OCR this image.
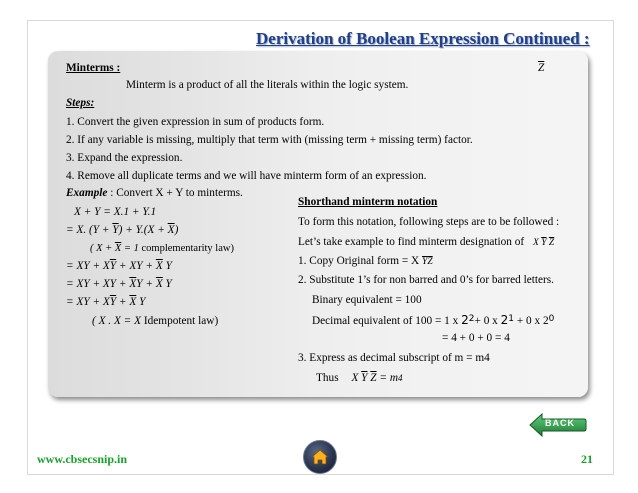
Derivation of Boolean Expression Continued :
Minterms :	$\overline{Z}$
Minterm is a product of all the literals within the logic system.
Steps:
1. Convert the given expression in sum of products form.
2. If any variable is missing, multiply that term with (missing term + missing term) factor.
3. Expand the expression.
4. Remove all duplicate terms and we will have minterm form of an expression.
Example : Convert X + Y to minterms.
X + Y = X.1 + Y.1
= X. $(Y + \overline{Y}) + Y.(X + \overline{X})$
( $X + \overline{X} = 1$ complementarity law)
= XY + $X\overline{Y}$ + XY + $\overline{X}$ Y
= XY + XY + $\overline{X}Y + \overline{X}$ Y
= XY + $X\overline{Y} + \overline{X}$ Y
( X . X = X Idempotent law)
Shorthand minterm notation
To form this notation, following steps are to be followed :
Let’s take example to find minterm designation of X $\overline{Y}$ $\overline{Z}$
1. Copy Original form = X $\overline{Y}\overline{Z}$
2. Substitute 1’s for non barred and 0’s for barred letters.
Binary equivalent = 100
Decimal equivalent of 100 = 1 x $2^2+ 0$ x $2^1 + 0$ x $2^0$
= 4 + 0 + 0 = 4
3. Express as decimal subscript of m = m4
Thus X $\overline{Y}$ $\overline{Z} = m4$
BACK
www.cbsecsnip.in	21
